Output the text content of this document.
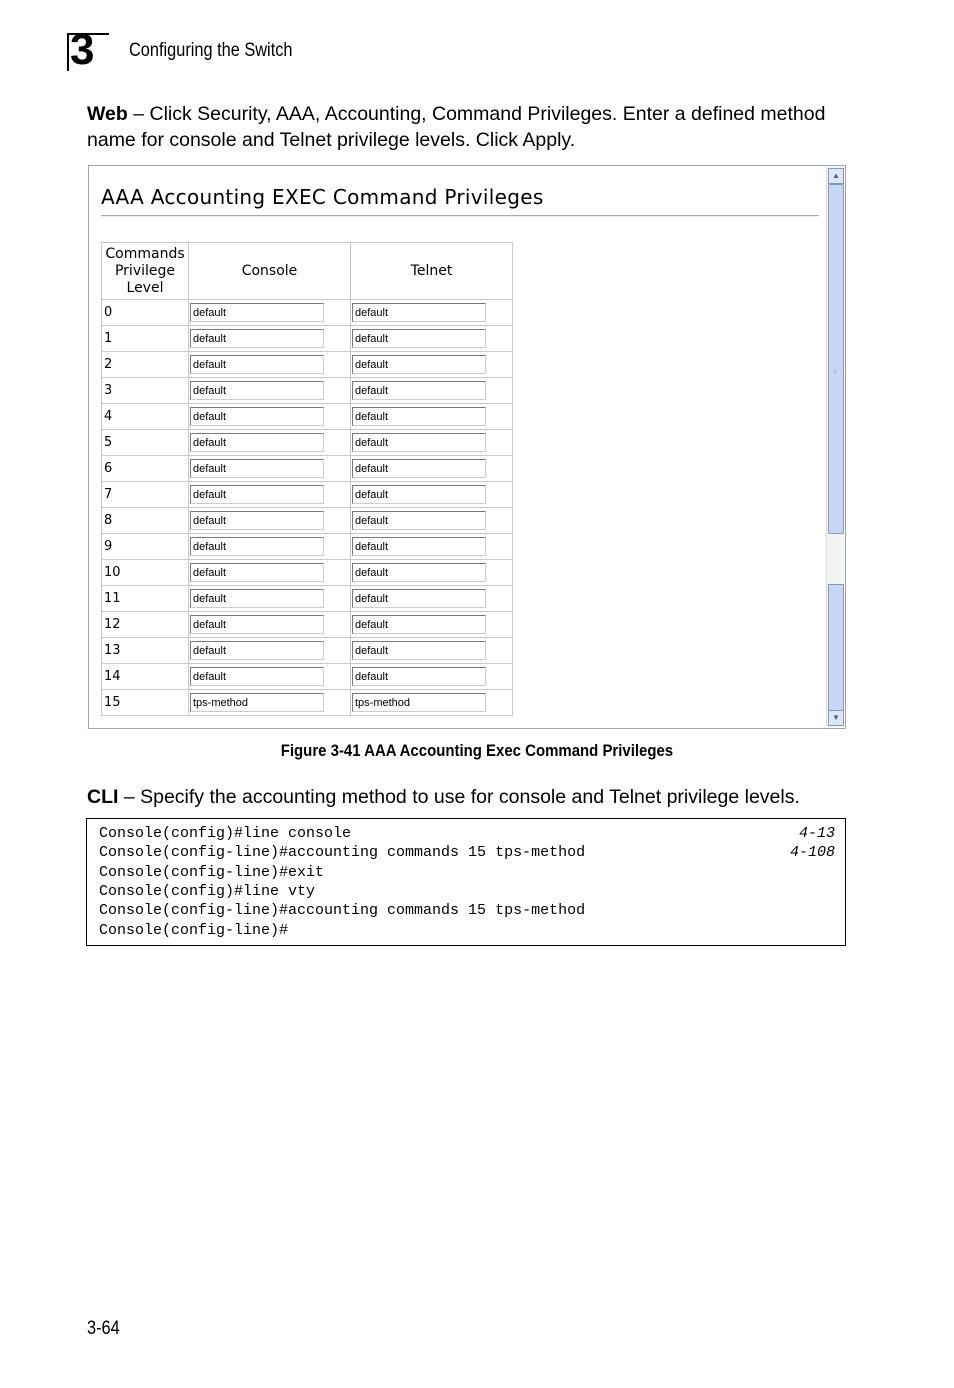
3 Configuring the Switch
Web – Click Security, AAA, Accounting, Command Privileges. Enter a defined method name for console and Telnet privilege levels. Click Apply.
AAA Accounting EXEC Command Privileges
Commands Privilege Level	Console	Telnet
0	default	default

1	default	default

2	default	default

3	default	default

4	default	default

5	default	default

6	default	default

7	default	default

8	default	default

9	default	default

10	default	default

11	default	default

12	default	default

13	default	default

14	default	default

15	tps-method	tps-method
▲
≡
▼
Figure 3-41 AAA Accounting Exec Command Privileges
CLI – Specify the accounting method to use for console and Telnet privilege levels.
Console(config)#line console	4-13
Console(config-line)#accounting commands 15 tps-method	4-108
Console(config-line)#exit
Console(config)#line vty
Console(config-line)#accounting commands 15 tps-method
Console(config-line)#
3-64
